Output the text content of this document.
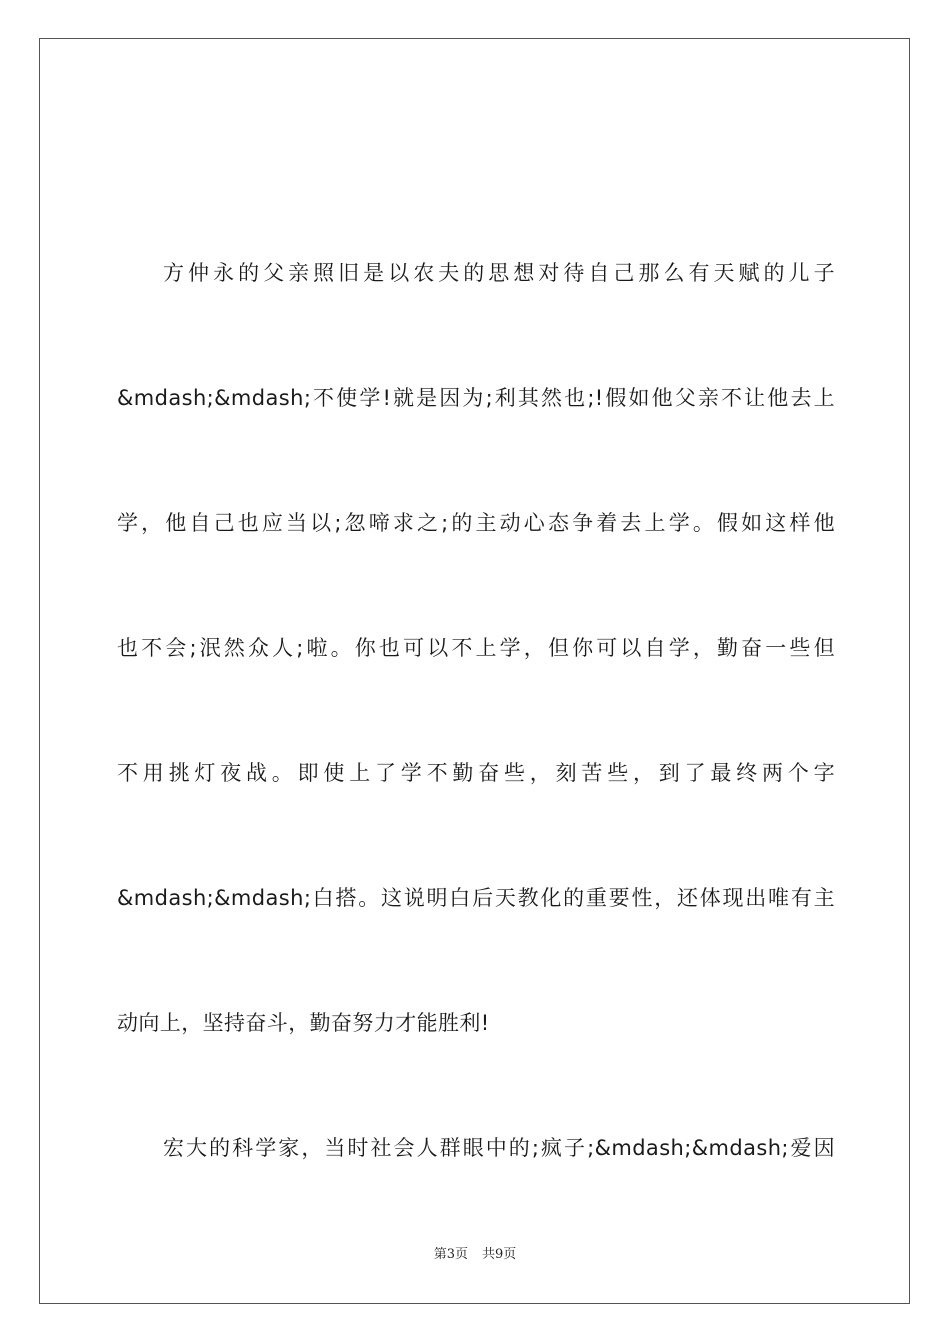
方仲永的父亲照旧是以农夫的思想对待自己那么有天赋的儿子
&mdash;&mdash;不使学!就是因为;利其然也;!假如他父亲不让他去上
学，他自己也应当以;忽啼求之;的主动心态争着去上学。假如这样他
也不会;泯然众人;啦。你也可以不上学，但你可以自学，勤奋一些但
不用挑灯夜战。即使上了学不勤奋些，刻苦些，到了最终两个字
&mdash;&mdash;白搭。这说明白后天教化的重要性，还体现出唯有主
动向上，坚持奋斗，勤奋努力才能胜利!
宏大的科学家，当时社会人群眼中的;疯子;&mdash;&mdash;爱因
第3页 共9页
